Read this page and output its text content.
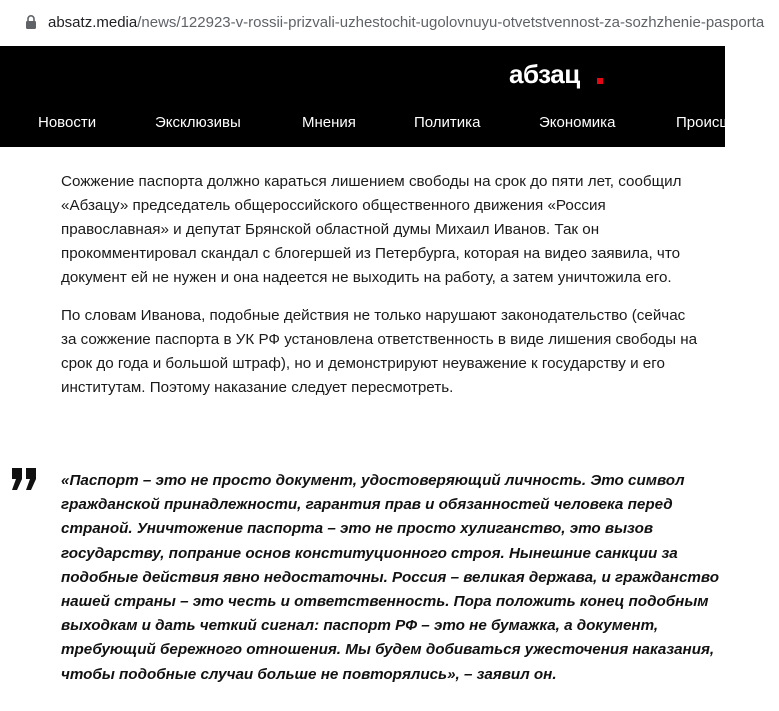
absatz.media/news/122923-v-rossii-prizvali-uzhestochit-ugolovnuyu-otvetstvennost-za-sozhzhenie-pasporta
абзац
Новости	Эксклюзивы	Мнения	Политика	Экономика	Происшествия

Сожжение паспорта должно караться лишением свободы на срок до пяти лет, сообщил «Абзацу» председатель общероссийского общественного движения «Россия православная» и депутат Брянской областной думы Михаил Иванов. Так он прокомментировал скандал с блогершей из Петербурга, которая на видео заявила, что документ ей не нужен и она надеется не выходить на работу, а затем уничтожила его.

По словам Иванова, подобные действия не только нарушают законодательство (сейчас за сожжение паспорта в УК РФ установлена ответственность в виде лишения свободы на срок до года и большой штраф), но и демонстрируют неуважение к государству и его институтам. Поэтому наказание следует пересмотреть.

«Паспорт – это не просто документ, удостоверяющий личность. Это символ гражданской принадлежности, гарантия прав и обязанностей человека перед страной. Уничтожение паспорта – это не просто хулиганство, это вызов государству, попрание основ конституционного строя. Нынешние санкции за подобные действия явно недостаточны. Россия – великая держава, и гражданство нашей страны – это честь и ответственность. Пора положить конец подобным выходкам и дать четкий сигнал: паспорт РФ – это не бумажка, а документ, требующий бережного отношения. Мы будем добиваться ужесточения наказания, чтобы подобные случаи больше не повторялись», – заявил он.
